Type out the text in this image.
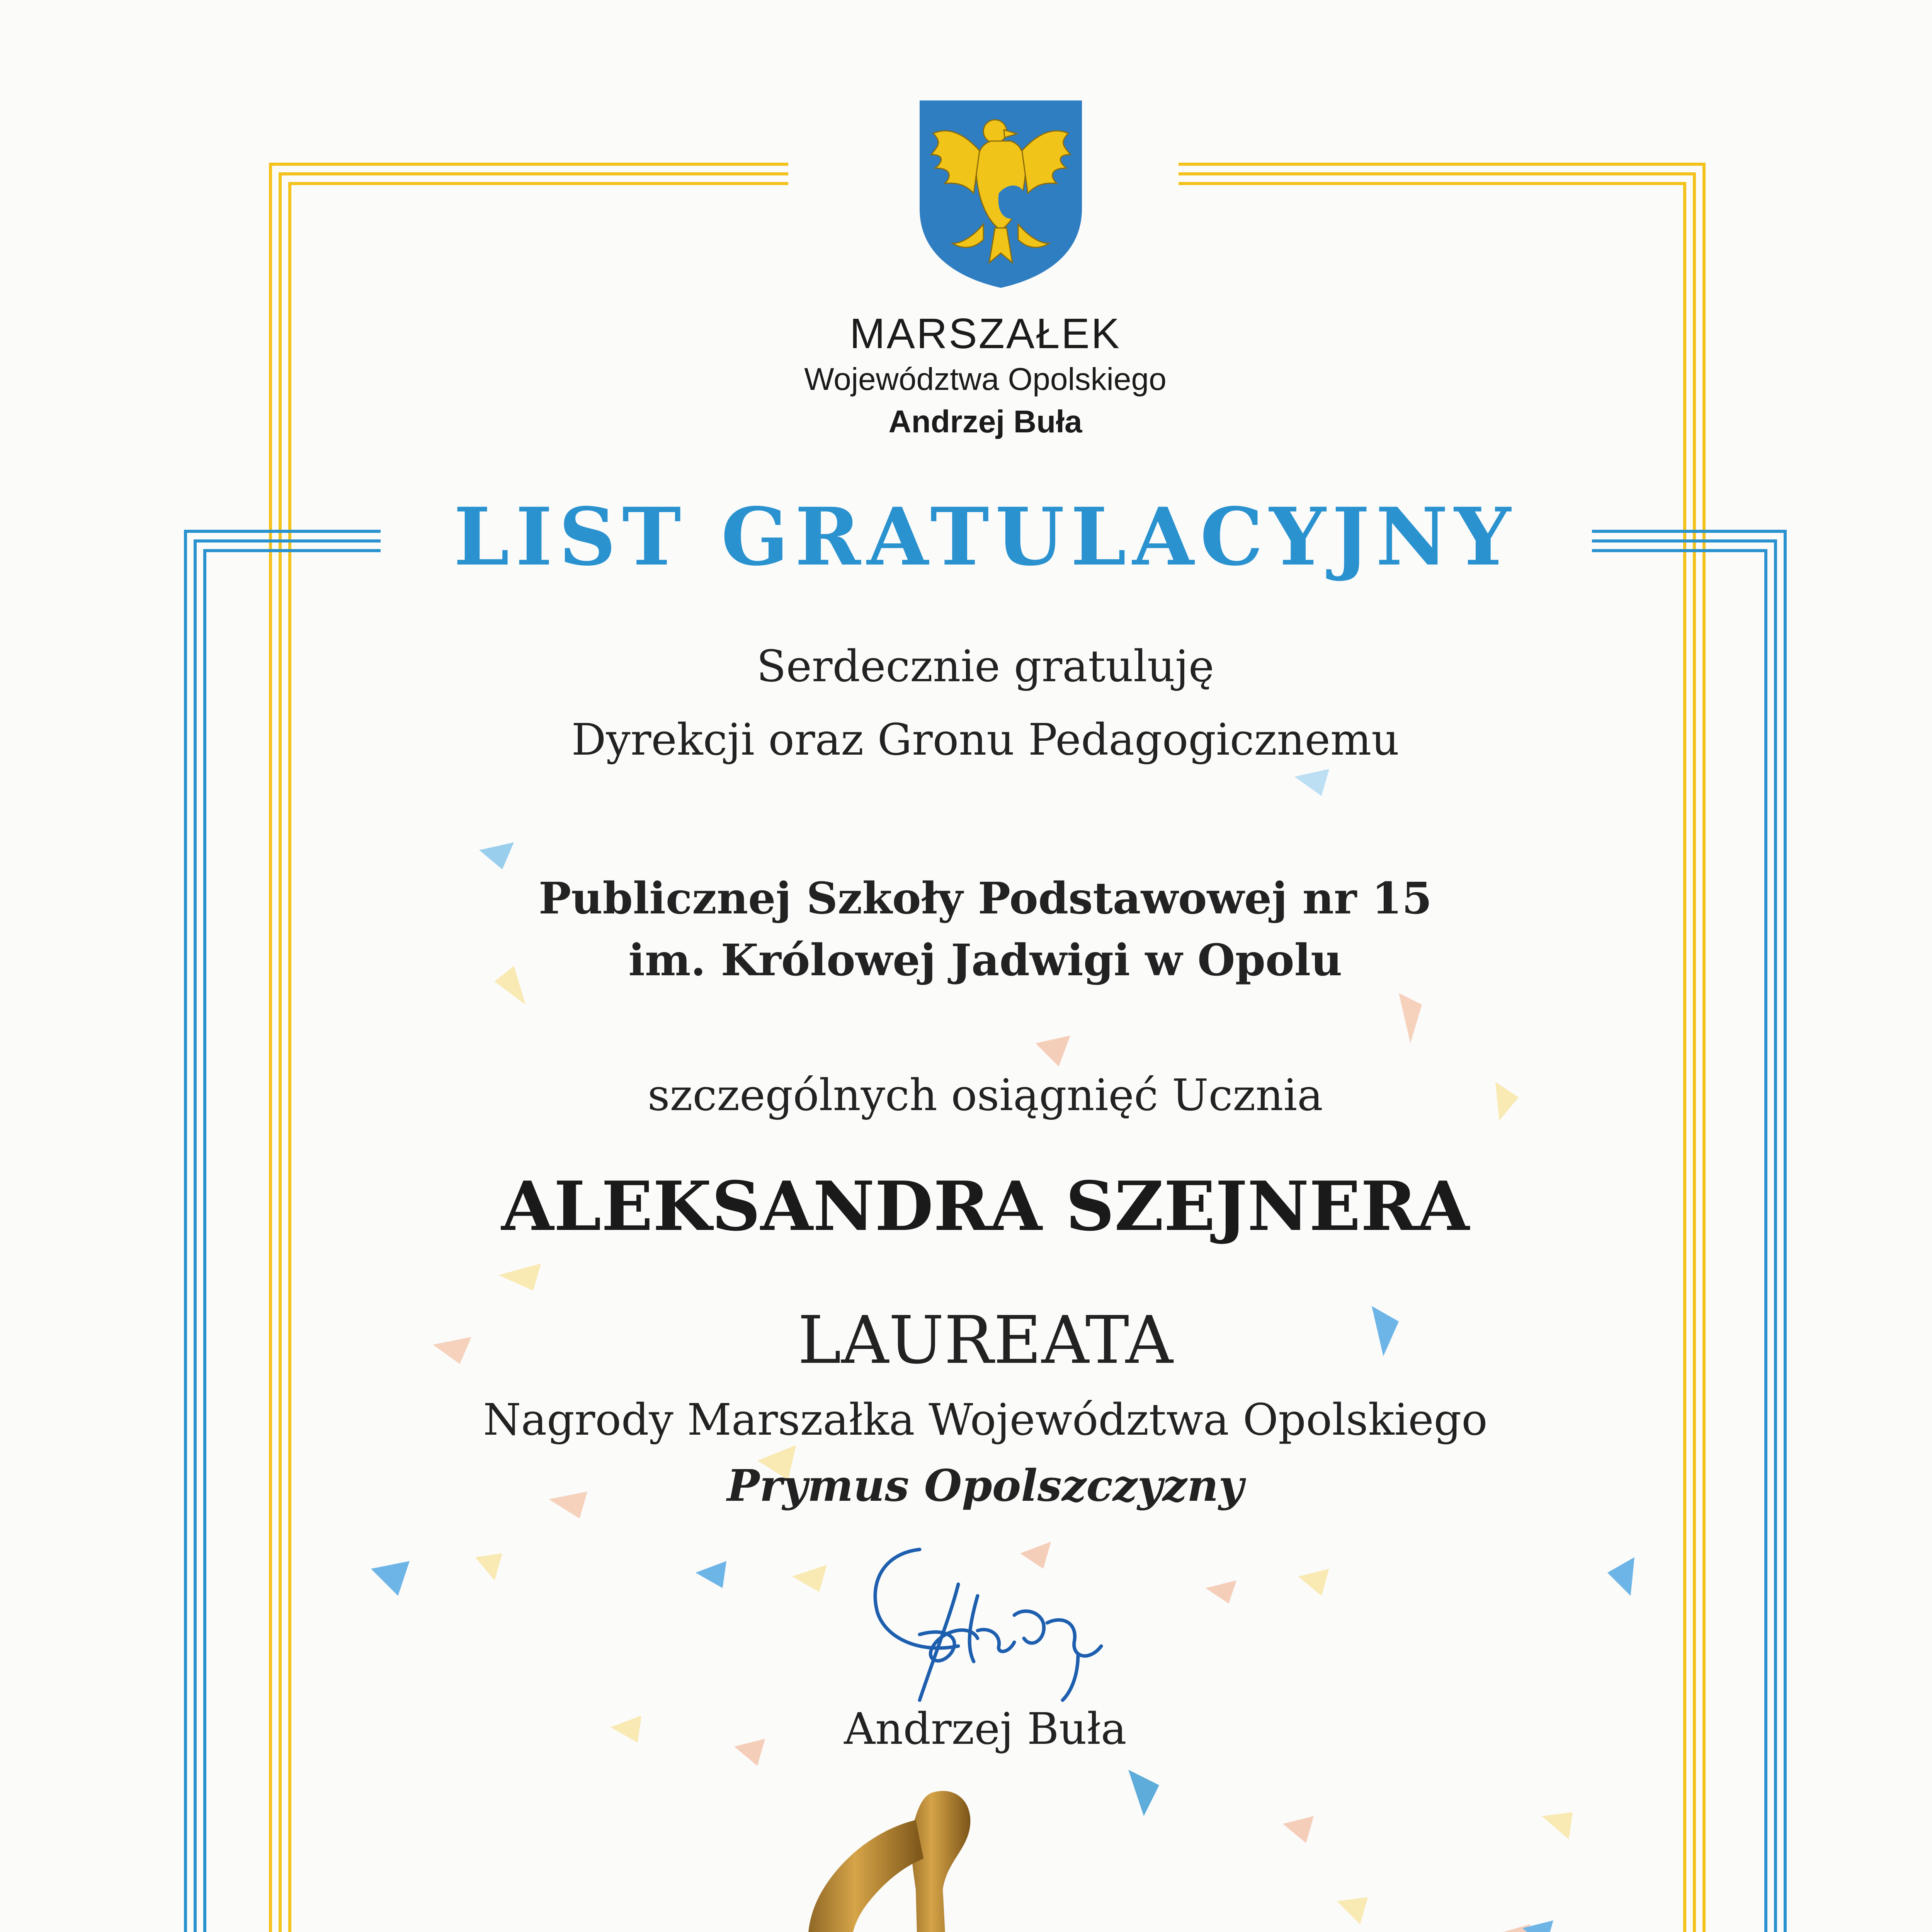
MARSZAŁEK

Województwa Opolskiego

Andrzej Buła

LIST GRATULACYJNY

Serdecznie gratuluję

Dyrekcji oraz Gronu Pedagogicznemu

Publicznej Szkoły Podstawowej nr 15

im. Królowej Jadwigi w Opolu

szczególnych osiągnięć Ucznia

ALEKSANDRA SZEJNERA

LAUREATA

Nagrody Marszałka Województwa Opolskiego

Prymus Opolszczyzny

Andrzej Buła
